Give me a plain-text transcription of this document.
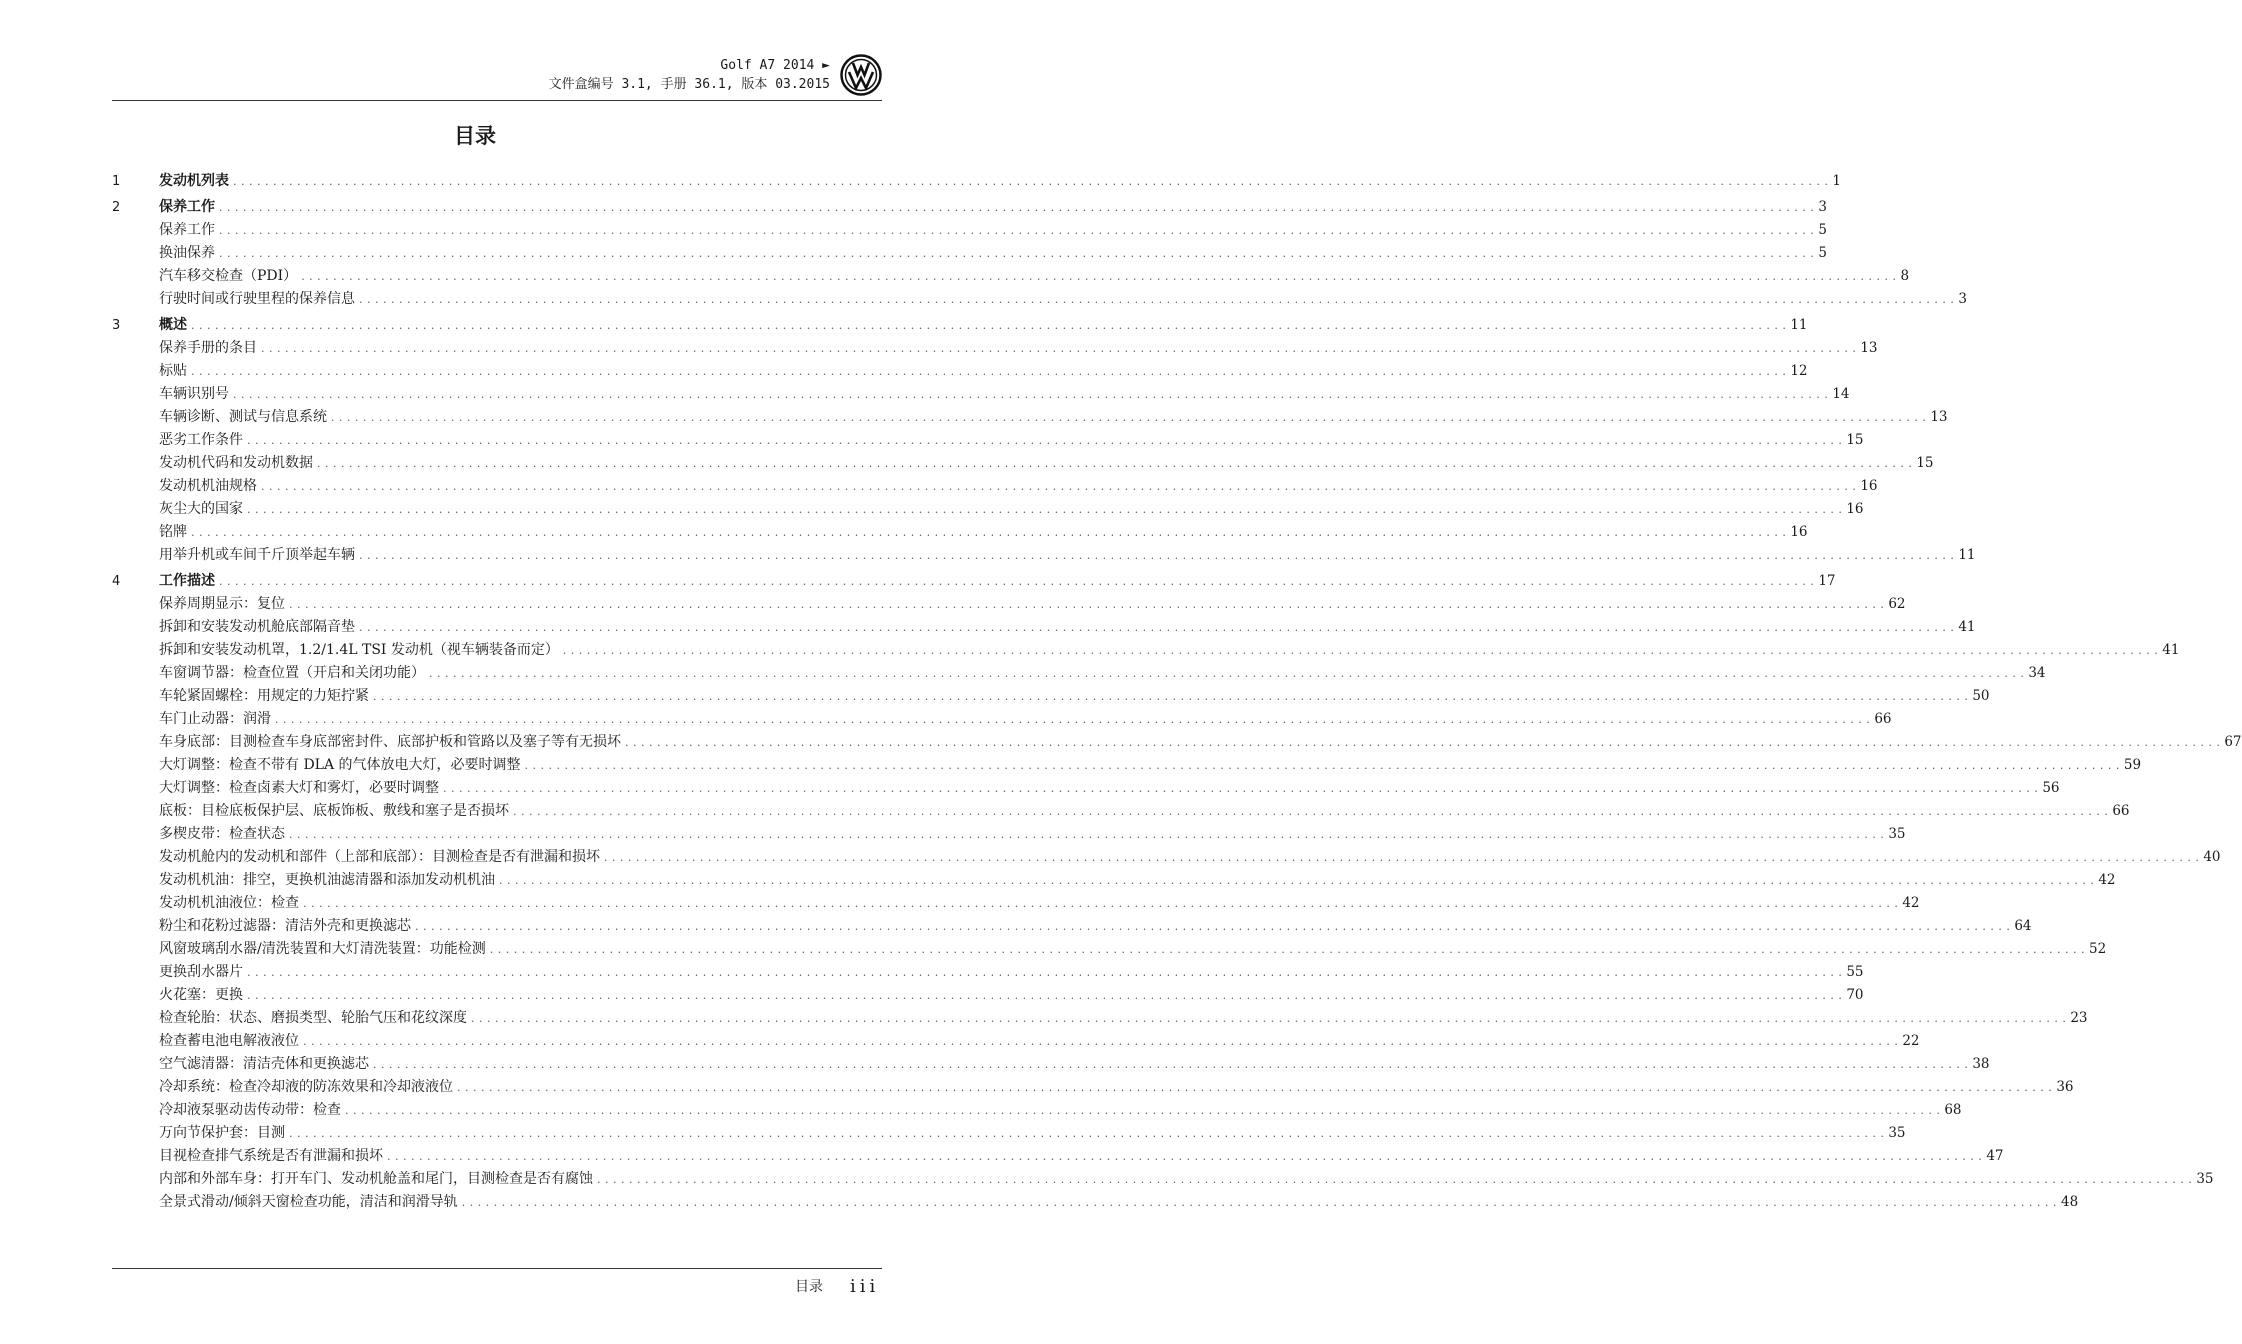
Golf A7 2014 ►
文件盒编号 3.1, 手册 36.1, 版本 03.2015
目录
1	发动机列表 ........................................................................................................................................................................................................ 1
2	保养工作 ........................................................................................................................................................................................................ 3
保养工作 ........................................................................................................................................................................................................ 5
换油保养 ........................................................................................................................................................................................................ 5
汽车移交检查（PDI） ........................................................................................................................................................................................................ 8
行驶时间或行驶里程的保养信息 ........................................................................................................................................................................................................ 3
3	概述 ........................................................................................................................................................................................................ 11
保养手册的条目 ........................................................................................................................................................................................................ 13
标贴 ........................................................................................................................................................................................................ 12
车辆识别号 ........................................................................................................................................................................................................ 14
车辆诊断、测试与信息系统 ........................................................................................................................................................................................................ 13
恶劣工作条件 ........................................................................................................................................................................................................ 15
发动机代码和发动机数据 ........................................................................................................................................................................................................ 15
发动机机油规格 ........................................................................................................................................................................................................ 16
灰尘大的国家 ........................................................................................................................................................................................................ 16
铭牌 ........................................................................................................................................................................................................ 16
用举升机或车间千斤顶举起车辆 ........................................................................................................................................................................................................ 11
4	工作描述 ........................................................................................................................................................................................................ 17
保养周期显示：复位 ........................................................................................................................................................................................................ 62
拆卸和安装发动机舱底部隔音垫 ........................................................................................................................................................................................................ 41
拆卸和安装发动机罩，1.2/1.4L TSI 发动机（视车辆装备而定） ........................................................................................................................................................................................................ 41
车窗调节器：检查位置（开启和关闭功能） ........................................................................................................................................................................................................ 34
车轮紧固螺栓：用规定的力矩拧紧 ........................................................................................................................................................................................................ 50
车门止动器：润滑 ........................................................................................................................................................................................................ 66
车身底部：目测检查车身底部密封件、底部护板和管路以及塞子等有无损坏 ........................................................................................................................................................................................................ 67
大灯调整：检查不带有 DLA 的气体放电大灯，必要时调整 ........................................................................................................................................................................................................ 59
大灯调整：检查卤素大灯和雾灯，必要时调整 ........................................................................................................................................................................................................ 56
底板：目检底板保护层、底板饰板、敷线和塞子是否损坏 ........................................................................................................................................................................................................ 66
多楔皮带：检查状态 ........................................................................................................................................................................................................ 35
发动机舱内的发动机和部件（上部和底部）：目测检查是否有泄漏和损坏 ........................................................................................................................................................................................................ 40
发动机机油：排空，更换机油滤清器和添加发动机机油 ........................................................................................................................................................................................................ 42
发动机机油液位：检查 ........................................................................................................................................................................................................ 42
粉尘和花粉过滤器：清洁外壳和更换滤芯 ........................................................................................................................................................................................................ 64
风窗玻璃刮水器/清洗装置和大灯清洗装置：功能检测 ........................................................................................................................................................................................................ 52
更换刮水器片 ........................................................................................................................................................................................................ 55
火花塞：更换 ........................................................................................................................................................................................................ 70
检查轮胎：状态、磨损类型、轮胎气压和花纹深度 ........................................................................................................................................................................................................ 23
检查蓄电池电解液液位 ........................................................................................................................................................................................................ 22
空气滤清器：清洁壳体和更换滤芯 ........................................................................................................................................................................................................ 38
冷却系统：检查冷却液的防冻效果和冷却液液位 ........................................................................................................................................................................................................ 36
冷却液泵驱动齿传动带：检查 ........................................................................................................................................................................................................ 68
万向节保护套：目测 ........................................................................................................................................................................................................ 35
目视检查排气系统是否有泄漏和损坏 ........................................................................................................................................................................................................ 47
内部和外部车身：打开车门、发动机舱盖和尾门，目测检查是否有腐蚀 ........................................................................................................................................................................................................ 35
全景式滑动/倾斜天窗检查功能，清洁和润滑导轨 ........................................................................................................................................................................................................ 48
目录 iii
